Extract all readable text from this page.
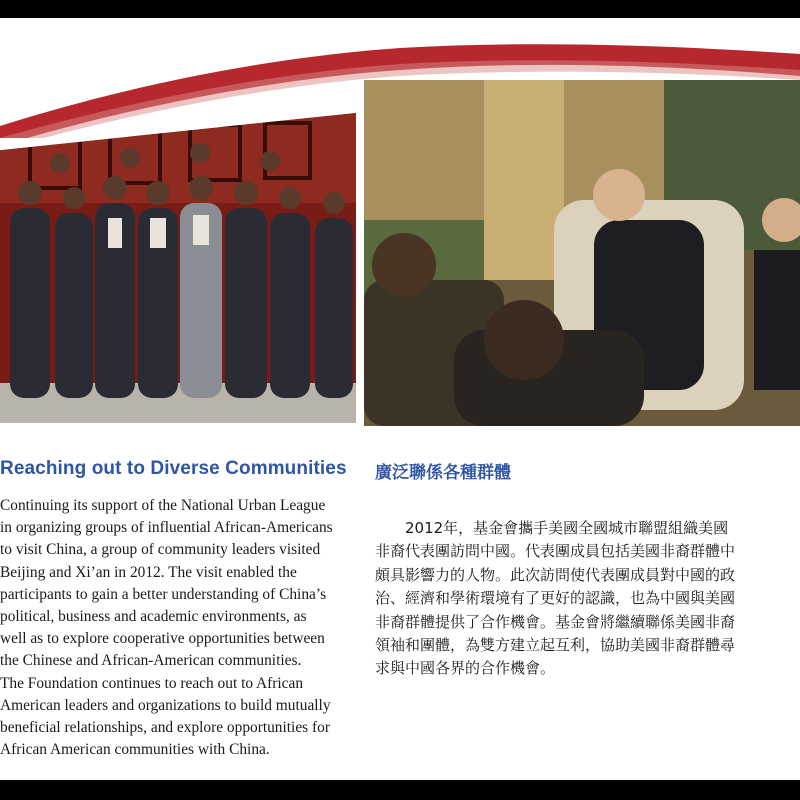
Reaching out to Diverse Communities 廣泛聯係各種群體

Continuing its support of the National Urban League
in organizing groups of influential African-Americans
to visit China, a group of community leaders visited
Beijing and Xi’an in 2012. The visit enabled the
participants to gain a better understanding of China’s
political, business and academic environments, as
well as to explore cooperative opportunities between
the Chinese and African-American communities.
The Foundation continues to reach out to African
American leaders and organizations to build mutually
beneficial relationships, and explore opportunities for
African American communities with China.

　　2012年，基金會攜手美國全國城市聯盟組織美國
非裔代表團訪問中國。代表團成員包括美國非裔群體中
頗具影響力的人物。此次訪問使代表團成員對中國的政
治、經濟和學術環境有了更好的認識，也為中國與美國
非裔群體提供了合作機會。基金會將繼續聯係美國非裔
領袖和團體，為雙方建立起互利，協助美國非裔群體尋
求與中國各界的合作機會。
